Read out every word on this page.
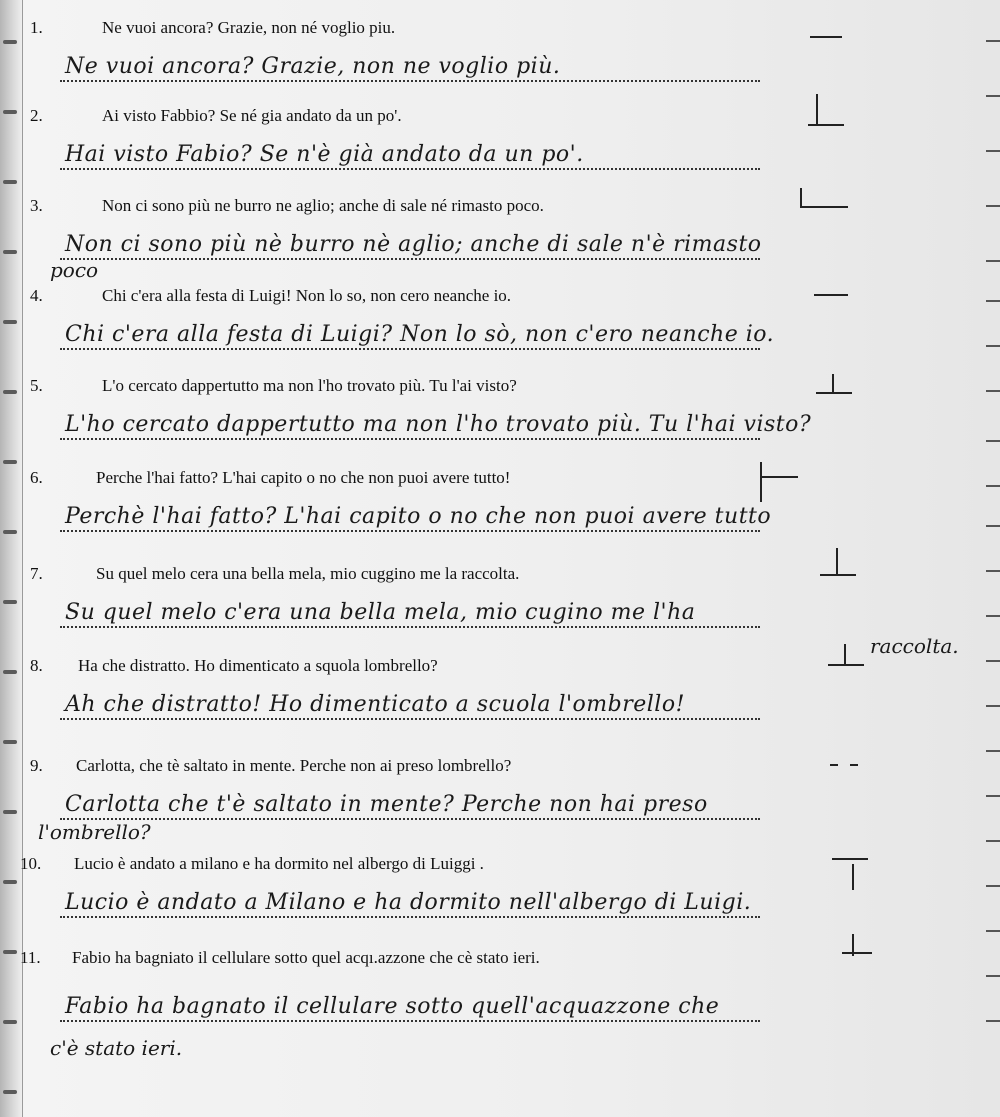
1.	Ne vuoi ancora? Grazie, non né voglio piu.
Ne vuoi ancora? Grazie, non ne voglio più.
2.	Ai visto Fabbio? Se né gia andato da un po'.
Hai visto Fabio? Se n'è già andato da un po'.
3.	Non ci sono più ne burro ne aglio; anche di sale né rimasto poco.
Non ci sono più nè burro nè aglio; anche di sale n'è rimasto
poco
4.	Chi c'era alla festa di Luigi! Non lo so, non cero neanche io.
Chi c'era alla festa di Luigi? Non lo sò, non c'ero neanche io.
5.	L'o cercato dappertutto ma non l'ho trovato più. Tu l'ai visto?
L'ho cercato dappertutto ma non l'ho trovato più. Tu l'hai visto?
6.	Perche l'hai fatto? L'hai capito o no che non puoi avere tutto!
Perchè l'hai fatto? L'hai capito o no che non puoi avere tutto
7.	Su quel melo cera una bella mela, mio cuggino me la raccolta.
Su quel melo c'era una bella mela, mio cugino me l'ha
raccolta.
8. Ha che distratto. Ho dimenticato a squola lombrello?
Ah che distratto! Ho dimenticato a scuola l'ombrello!
9. Carlotta, che tè saltato in mente. Perche non ai preso lombrello?
Carlotta che t'è saltato in mente? Perche non hai preso
l'ombrello?
10. Lucio è andato a milano e ha dormito nel albergo di Luiggi .
Lucio è andato a Milano e ha dormito nell'albergo di Luigi.
11. Fabio ha bagniato il cellulare sotto quel acqı.azzone che cè stato ieri.
Fabio ha bagnato il cellulare sotto quell'acquazzone che
c'è stato ieri.
